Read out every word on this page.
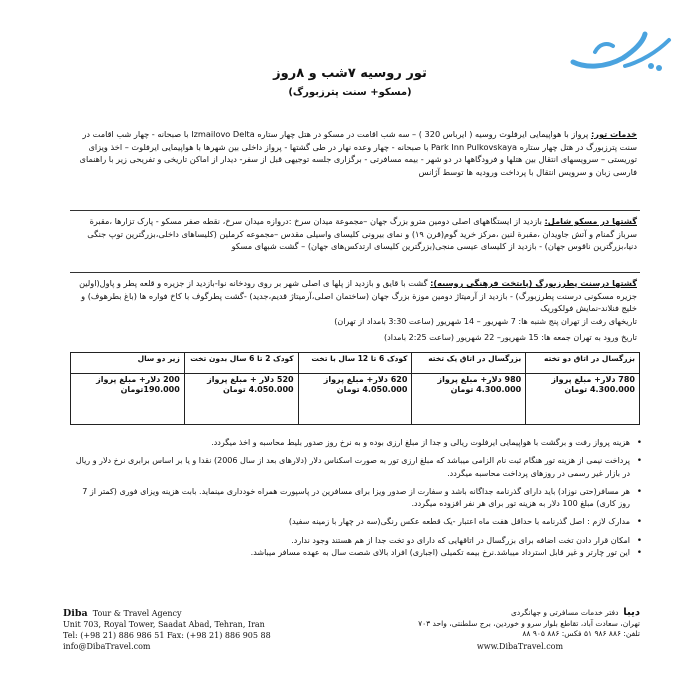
تور روسیه ۷شب و ۸روز
(مسکو+ سنت پترزبورگ)
خدمات تور: پرواز با هواپیمایی ایرفلوت روسیه ( ایرباس 320 ) – سه شب اقامت در مسکو در هتل چهار ستاره Izmailovo Delta با صبحانه - چهار شب اقامت در سنت پترزبورگ در هتل چهار ستاره Park Inn Pulkovskaya با صبحانه - چهار وعده نهار در طی گشتها - پرواز داخلی بین شهرها با هواپیمایی ایرفلوت – اخذ ویزای توریستی – سرویسهای انتقال بین هتلها و فرودگاهها در دو شهر - بیمه مسافرتی - برگزاری جلسه توجیهی قبل از سفر- دیدار از اماکن تاریخی و تفریحی زیر با راهنمای فارسی زبان و سرویس انتقال با پرداخت ورودیه ها توسط آژانس
گشتها در مسکو شامل: بازدید از ایستگاههای اصلی دومین مترو بزرگ جهان –مجموعة میدان سرخ :دروازه میدان سرخ، نقطه صفر مسکو - پارک تزارها ،مقبرة سرباز گمنام و آتش جاویدان ،مقبرة لنین ،مرکز خرید گوم(قرن ۱۹) و نمای بیرونی کلیسای واسیلی مقدس –مجموعه کرملین (کلیساهای داخلی،بزرگترین توپ جنگی دنیا،بزرگترین ناقوس جهان) - بازدید از کلیسای عیسی منجی(بزرگترین کلیسای ارتدکس‌های جهان) – گشت شبهای مسکو
گشتها درسنت پطرزبورگ (پایتخت فرهنگی روسیه): گشت با قایق و بازدید از پلها ی اصلی شهر بر روی رودخانه نوا-بازدید از جزیره و قلعه پطر و پاول(اولین جزیره مسکونی درسنت پطرزبورگ) - بازدید از آرمیتاژ دومین موزة بزرگ جهان (ساختمان اصلی،آرمیتاژ قدیم،جدید) -گشت پطرگوف با کاخ فواره ها (باغ بطرهوف) و خلیج فنلاند-نمایش فولکوریک
تاریخهای رفت از تهران پنج شنبه ها: 7 شهریور – 14 شهریور (ساعت 3:30 بامداد از تهران)
تاریخ ورود به تهران جمعه ها: 15 شهریور– 22 شهریور (ساعت 2:25 بامداد)
بزرگسال در اتاق دو تخته	بزرگسال در اتاق یک تخته	کودک 6 تا 12 سال با تخت	کودک 2 تا 6 سال بدون تخت	زیر دو سال
780 دلار+ مبلغ پرواز 4.300.000 تومان	980 دلار+ مبلغ پرواز 4.300.000 تومان	620 دلار+ مبلغ پرواز 4.050.000 تومان	520 دلار + مبلغ پرواز 4.050.000 تومان	200 دلار+ مبلغ پرواز 190.000تومان
• هزینه پرواز رفت و برگشت با هواپیمایی ایرفلوت ریالی و جدا از مبلغ ارزی بوده و به نرخ روز صدور بلیط محاسبه و اخذ میگردد.
• پرداخت نیمی از هزینه تور هنگام ثبت نام الزامی میباشد که مبلغ ارزی تور به صورت اسکناس دلار (دلارهای بعد از سال 2006) نقدا و یا بر اساس برابری نرخ دلار و ریال در بازار غیر رسمی در روزهای پرداخت محاسبه میگردد.
• هر مسافر(حتی نوزاد) باید دارای گذرنامه جداگانه باشد و سفارت از صدور ویزا برای مسافرین در پاسپورت همراه خودداری مینماید. بابت هزینه ویزای فوری (کمتر از 7 روز کاری) مبلغ 100 دلار به هزینه تور برای هر نفر افزوده میگردد.
• مدارک لازم : اصل گذرنامه با حداقل هفت ماه اعتبار -یک قطعه عکس رنگی(سه در چهار با زمینه سفید)
• امکان قرار دادن تخت اضافه برای بزرگسال در اتاقهایی که دارای دو تخت جدا از هم هستند وجود ندارد.
• این تور چارتر و غیر قابل استرداد میباشد.نرخ بیمه تکمیلی (اجباری) افراد بالای شصت سال به عهده مسافر میباشد.
Diba Tour & Travel Agency
Unit 703, Royal Tower, Saadat Abad, Tehran, Iran
Tel: (+98 21) 886 986 51 Fax: (+98 21) 886 905 88
info@DibaTravel.com
دیبا  دفتر خدمات مسافرتی و جهانگردی
تهران، سعادت آباد، تقاطع بلوار سرو و خوردین، برج سلطنتی، واحد ۷۰۳
تلفن: ۸۸۶ ۹۸۶ ۵۱ فکس: ۸۸۶ ۹۰۵ ۸۸
www.DibaTravel.com
